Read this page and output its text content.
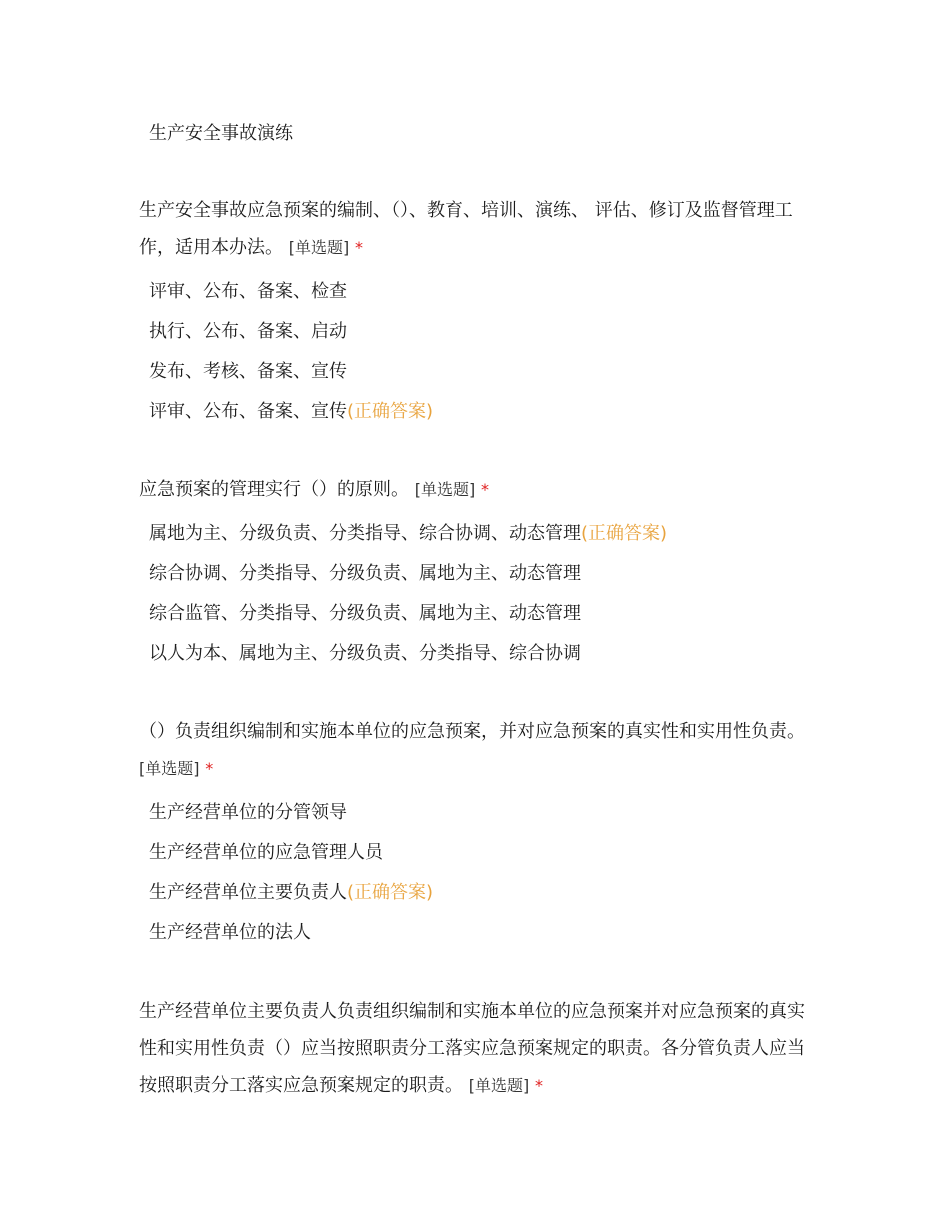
生产安全事故演练

生产安全事故应急预案的编制、（）、教育、培训、演练、 评估、修订及监督管理工作，适用本办法。 [单选题] *

评审、公布、备案、检查
执行、公布、备案、启动
发布、考核、备案、宣传
评审、公布、备案、宣传(正确答案)

应急预案的管理实行（）的原则。 [单选题] *

属地为主、分级负责、分类指导、综合协调、动态管理(正确答案)
综合协调、分类指导、分级负责、属地为主、动态管理
综合监管、分类指导、分级负责、属地为主、动态管理
以人为本、属地为主、分级负责、分类指导、综合协调

（）负责组织编制和实施本单位的应急预案，并对应急预案的真实性和实用性负责。 [单选题] *

生产经营单位的分管领导
生产经营单位的应急管理人员
生产经营单位主要负责人(正确答案)
生产经营单位的法人

生产经营单位主要负责人负责组织编制和实施本单位的应急预案并对应急预案的真实性和实用性负责（）应当按照职责分工落实应急预案规定的职责。各分管负责人应当按照职责分工落实应急预案规定的职责。 [单选题] *
